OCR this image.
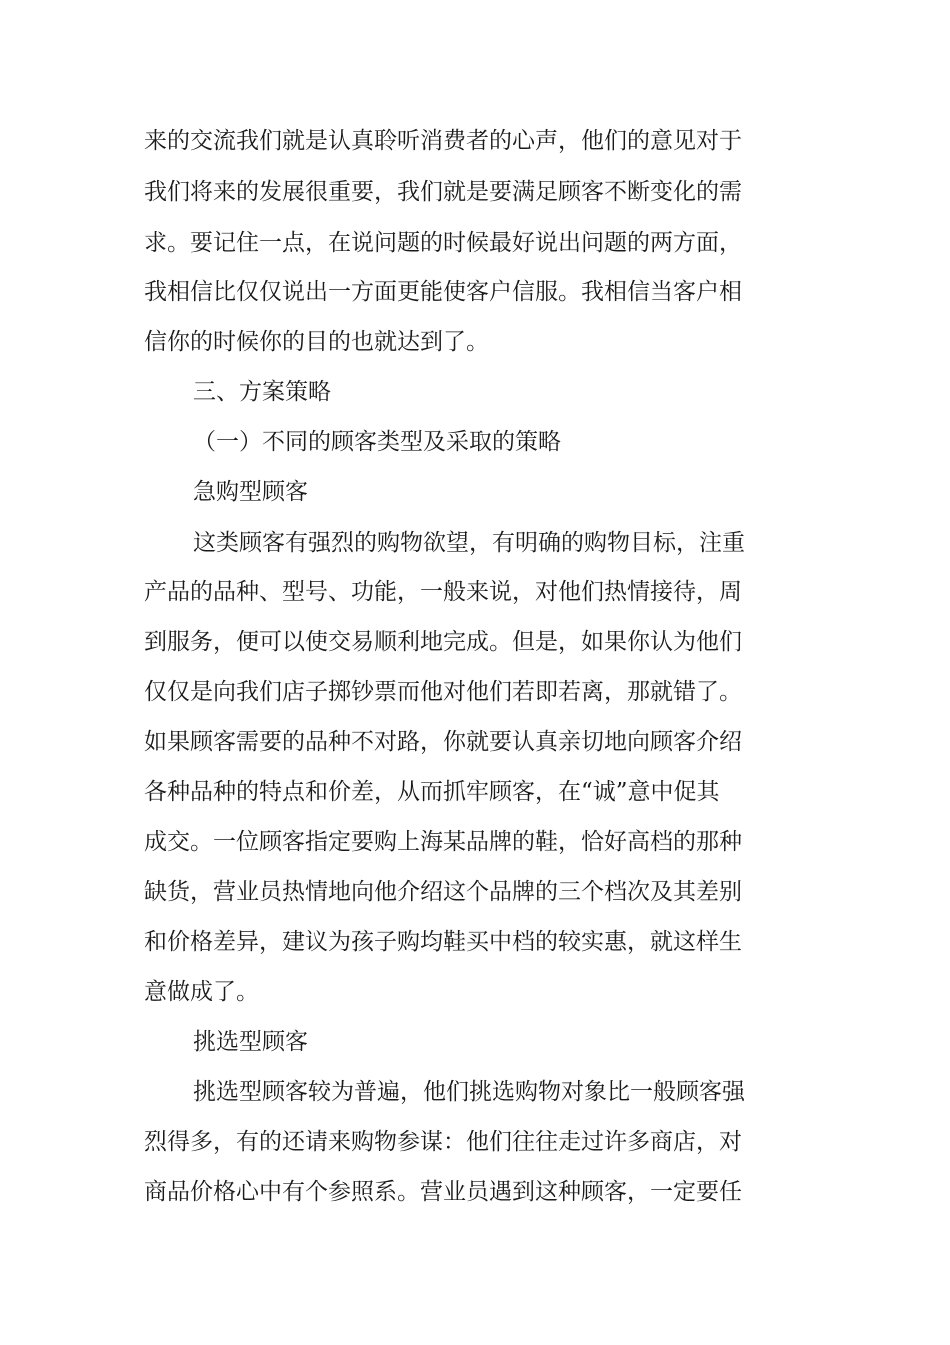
来的交流我们就是认真聆听消费者的心声，他们的意见对于
我们将来的发展很重要，我们就是要满足顾客不断变化的需
求。要记住一点，在说问题的时候最好说出问题的两方面，
我相信比仅仅说出一方面更能使客户信服。我相信当客户相
信你的时候你的目的也就达到了。
三、方案策略
（一）不同的顾客类型及采取的策略
急购型顾客
这类顾客有强烈的购物欲望，有明确的购物目标，注重
产品的品种、型号、功能，一般来说，对他们热情接待，周
到服务，便可以使交易顺利地完成。但是，如果你认为他们
仅仅是向我们店子掷钞票而他对他们若即若离，那就错了。
如果顾客需要的品种不对路，你就要认真亲切地向顾客介绍
各种品种的特点和价差，从而抓牢顾客，在“诚”意中促其
成交。一位顾客指定要购上海某品牌的鞋，恰好高档的那种
缺货，营业员热情地向他介绍这个品牌的三个档次及其差别
和价格差异，建议为孩子购均鞋买中档的较实惠，就这样生
意做成了。
挑选型顾客
挑选型顾客较为普遍，他们挑选购物对象比一般顾客强
烈得多，有的还请来购物参谋：他们往往走过许多商店，对
商品价格心中有个参照系。营业员遇到这种顾客，一定要任
